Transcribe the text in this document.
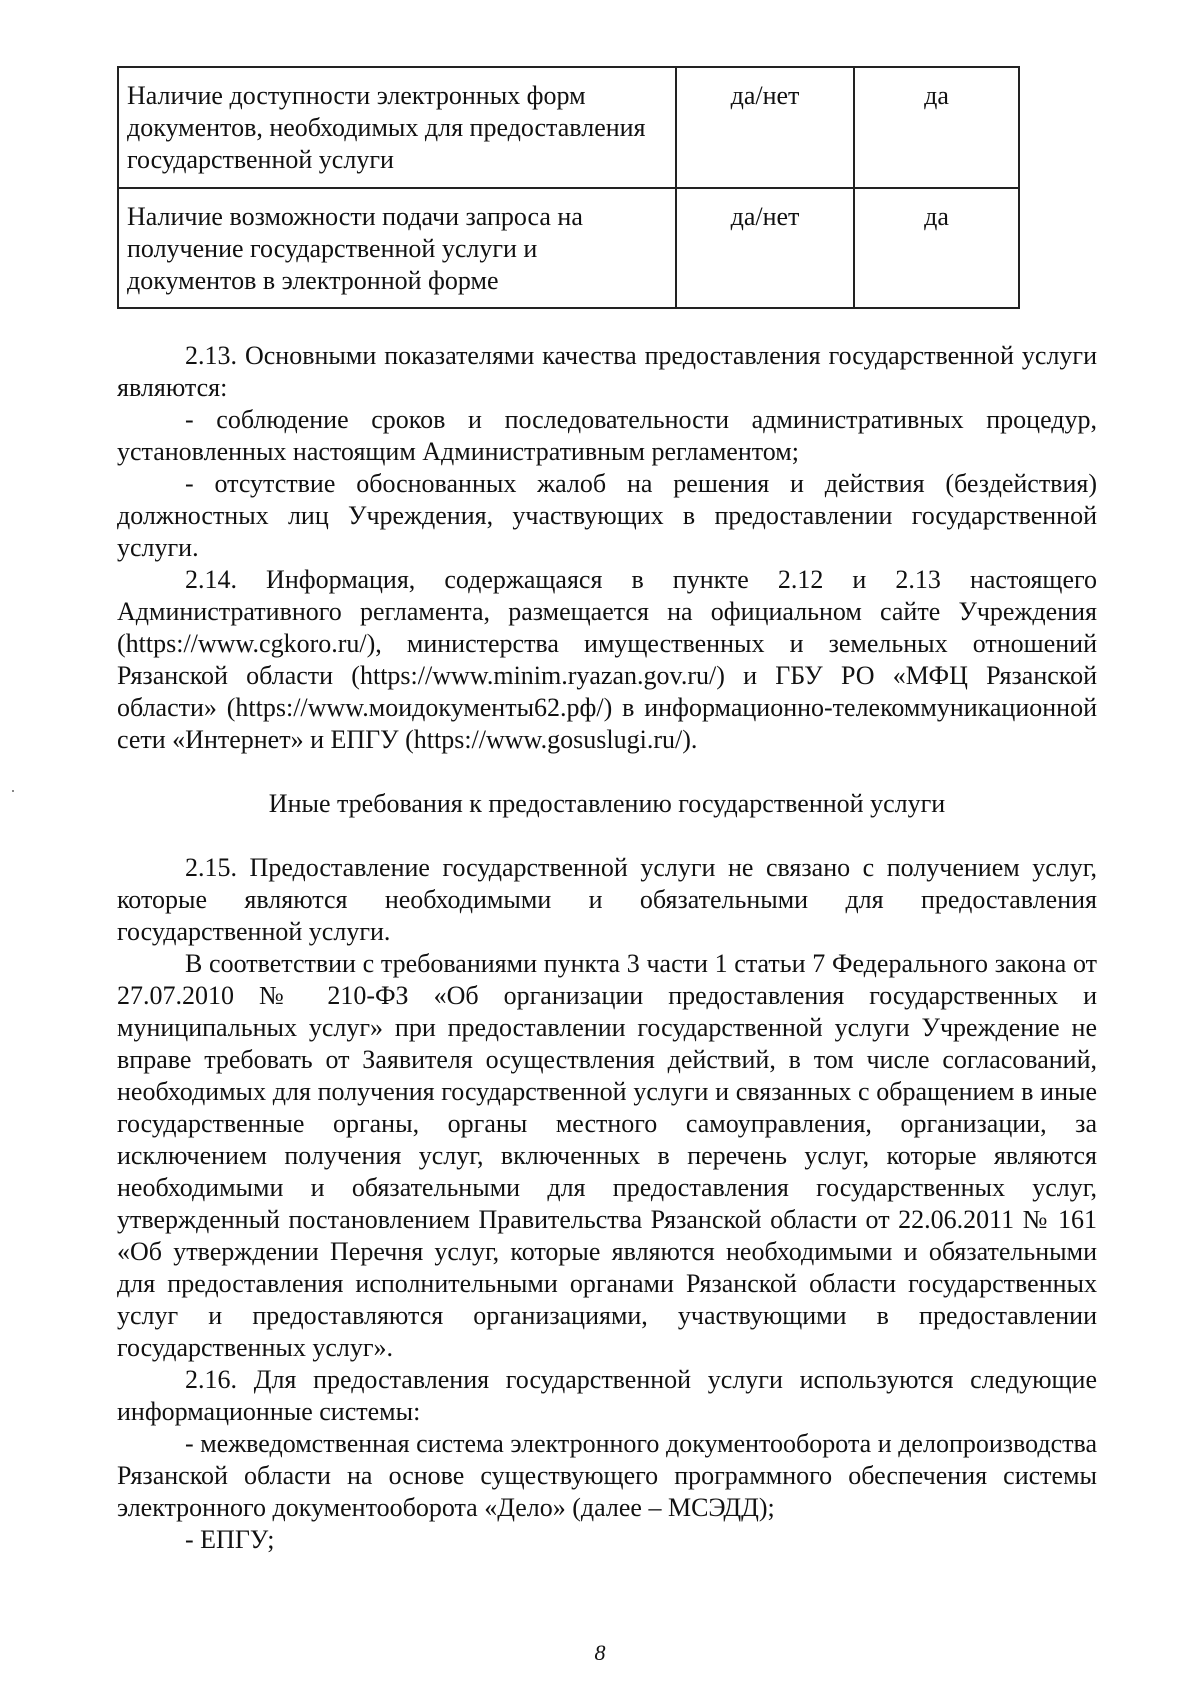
Наличие доступности электронных форм документов, необходимых для предоставления государственной услуги	да/нет	да
Наличие возможности подачи запроса на получение государственной услуги и документов в электронной форме	да/нет	да

2.13. Основными показателями качества предоставления государственной услуги являются:

- соблюдение сроков и последовательности административных процедур, установленных настоящим Административным регламентом;

- отсутствие обоснованных жалоб на решения и действия (бездействия) должностных лиц Учреждения, участвующих в предоставлении государственной услуги.

2.14. Информация, содержащаяся в пункте 2.12 и 2.13 настоящего Административного регламента, размещается на официальном сайте Учреждения (https://www.cgkoro.ru/), министерства имущественных и земельных отношений Рязанской области (https://www.minim.ryazan.gov.ru/) и ГБУ РО «МФЦ Рязанской области» (https://www.моидокументы62.рф/) в информационно-телекоммуникационной сети «Интернет» и ЕПГУ (https://www.gosuslugi.ru/).

Иные требования к предоставлению государственной услуги

2.15. Предоставление государственной услуги не связано с получением услуг, которые являются необходимыми и обязательными для предоставления государственной услуги.

В соответствии с требованиями пункта 3 части 1 статьи 7 Федерального закона от 27.07.2010 № 210-ФЗ «Об организации предоставления государственных и муниципальных услуг» при предоставлении государственной услуги Учреждение не вправе требовать от Заявителя осуществления действий, в том числе согласований, необходимых для получения государственной услуги и связанных с обращением в иные государственные органы, органы местного самоуправления, организации, за исключением получения услуг, включенных в перечень услуг, которые являются необходимыми и обязательными для предоставления государственных услуг, утвержденный постановлением Правительства Рязанской области от 22.06.2011 № 161 «Об утверждении Перечня услуг, которые являются необходимыми и обязательными для предоставления исполнительными органами Рязанской области государственных услуг и предоставляются организациями, участвующими в предоставлении государственных услуг».

2.16. Для предоставления государственной услуги используются следующие информационные системы:

- межведомственная система электронного документооборота и делопроизводства Рязанской области на основе существующего программного обеспечения системы электронного документооборота «Дело» (далее – МСЭДД);

- ЕПГУ;

8
